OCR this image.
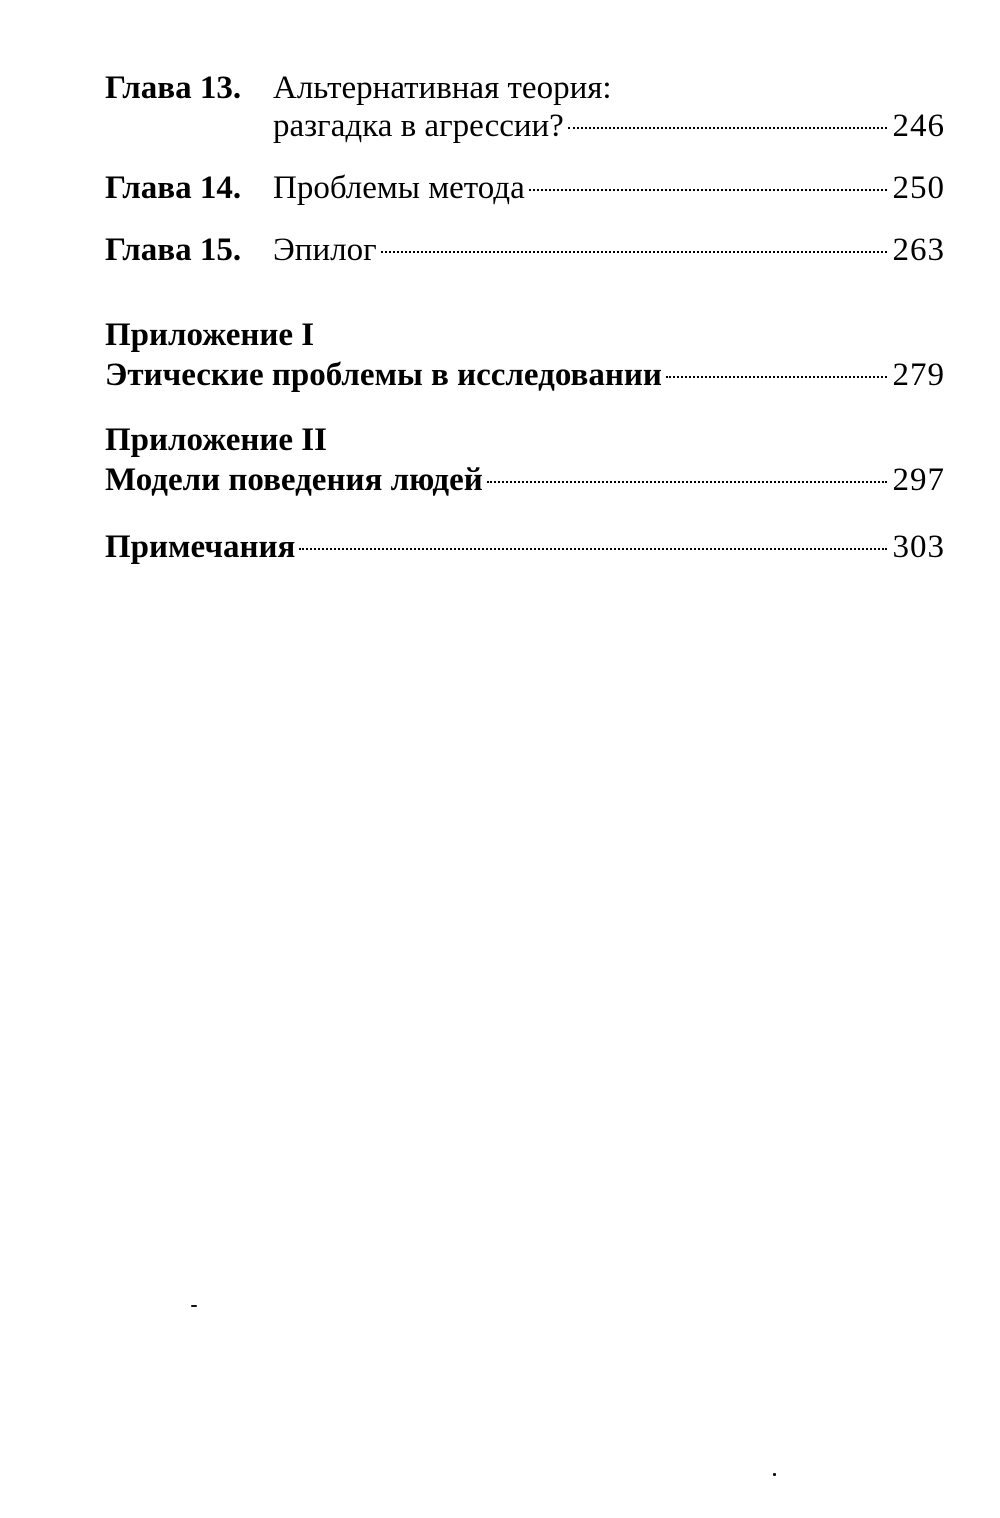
Глава 13. Альтернативная теория:
разгадка в агрессии?	246
Глава 14. Проблемы метода	250
Глава 15. Эпилог	263
Приложение I
Этические проблемы в исследовании	279
Приложение II
Модели поведения людей	297
Примечания	303
